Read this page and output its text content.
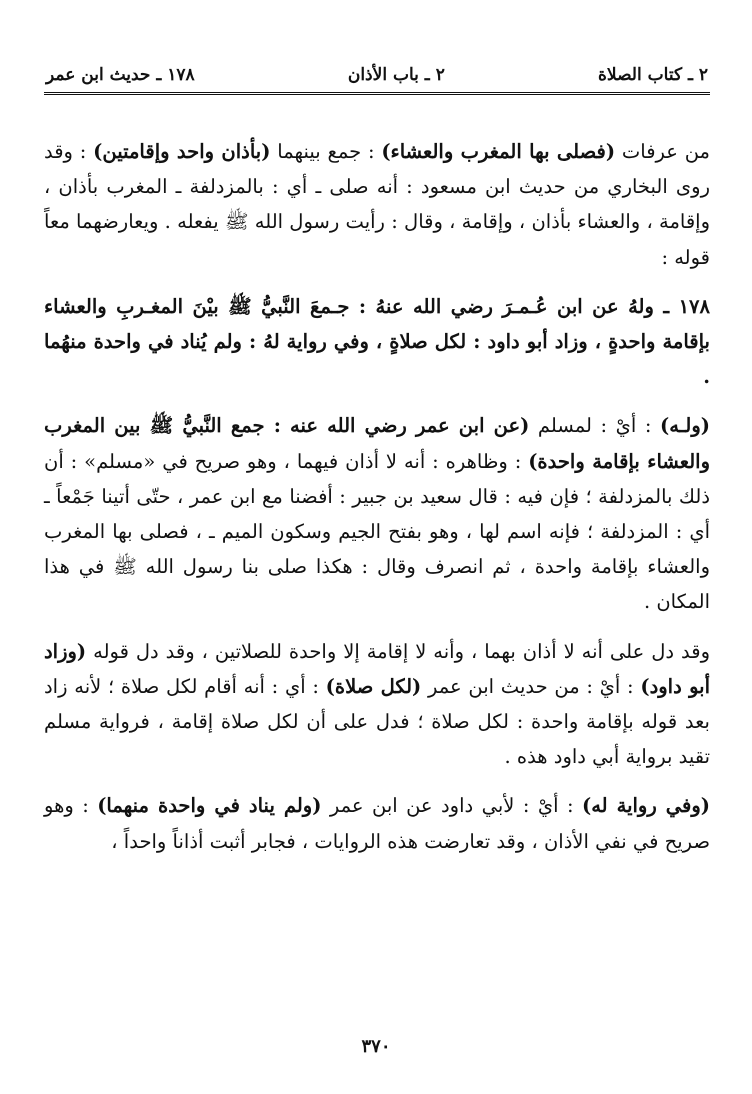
٢ ـ كتاب الصلاة
٢ ـ باب الأذان
١٧٨ ـ حديث ابن عمر

من عرفات (فصلى بها المغرب والعشاء) : جمع بينهما (بأذان واحد وإقامتين) : وقد روى البخاري من حديث ابن مسعود : أنه صلى ـ أي : بالمزدلفة ـ المغرب بأذان ، وإقامة ، والعشاء بأذان ، وإقامة ، وقال : رأيت رسول الله ﷺ يفعله . ويعارضهما معاً قوله :

١٧٨ ـ ولهُ عن ابن عُـمـرَ رضي الله عنهُ : جـمعَ النَّبيُّ ﷺ بيْنَ المغـربِ والعشاء بإقامة واحدةٍ ، وزاد أبو داود : لكل صلاةٍ ، وفي رواية لهُ : ولم يُناد في واحدة منهُما .

(ولـه) : أيْ : لمسلم (عن ابن عمر رضي الله عنه : جمع النَّبيُّ ﷺ بين المغرب والعشاء بإقامة واحدة) : وظاهره : أنه لا أذان فيهما ، وهو صريح في «مسلم» : أن ذلك بالمزدلفة ؛ فإن فيه : قال سعيد بن جبير : أفضنا مع ابن عمر ، حتّى أتينا جَمْعاً ـ أي : المزدلفة ؛ فإنه اسم لها ، وهو بفتح الجيم وسكون الميم ـ ، فصلى بها المغرب والعشاء بإقامة واحدة ، ثم انصرف وقال : هكذا صلى بنا رسول الله ﷺ في هذا المكان .

وقد دل على أنه لا أذان بهما ، وأنه لا إقامة إلا واحدة للصلاتين ، وقد دل قوله (وزاد أبو داود) : أيْ : من حديث ابن عمر (لكل صلاة) : أي : أنه أقام لكل صلاة ؛ لأنه زاد بعد قوله بإقامة واحدة : لكل صلاة ؛ فدل على أن لكل صلاة إقامة ، فرواية مسلم تقيد برواية أبي داود هذه .

(وفي رواية له) : أيْ : لأبي داود عن ابن عمر (ولم يناد في واحدة منهما) : وهو صريح في نفي الأذان ، وقد تعارضت هذه الروايات ، فجابر أثبت أذاناً واحداً ،

٣٧٠
